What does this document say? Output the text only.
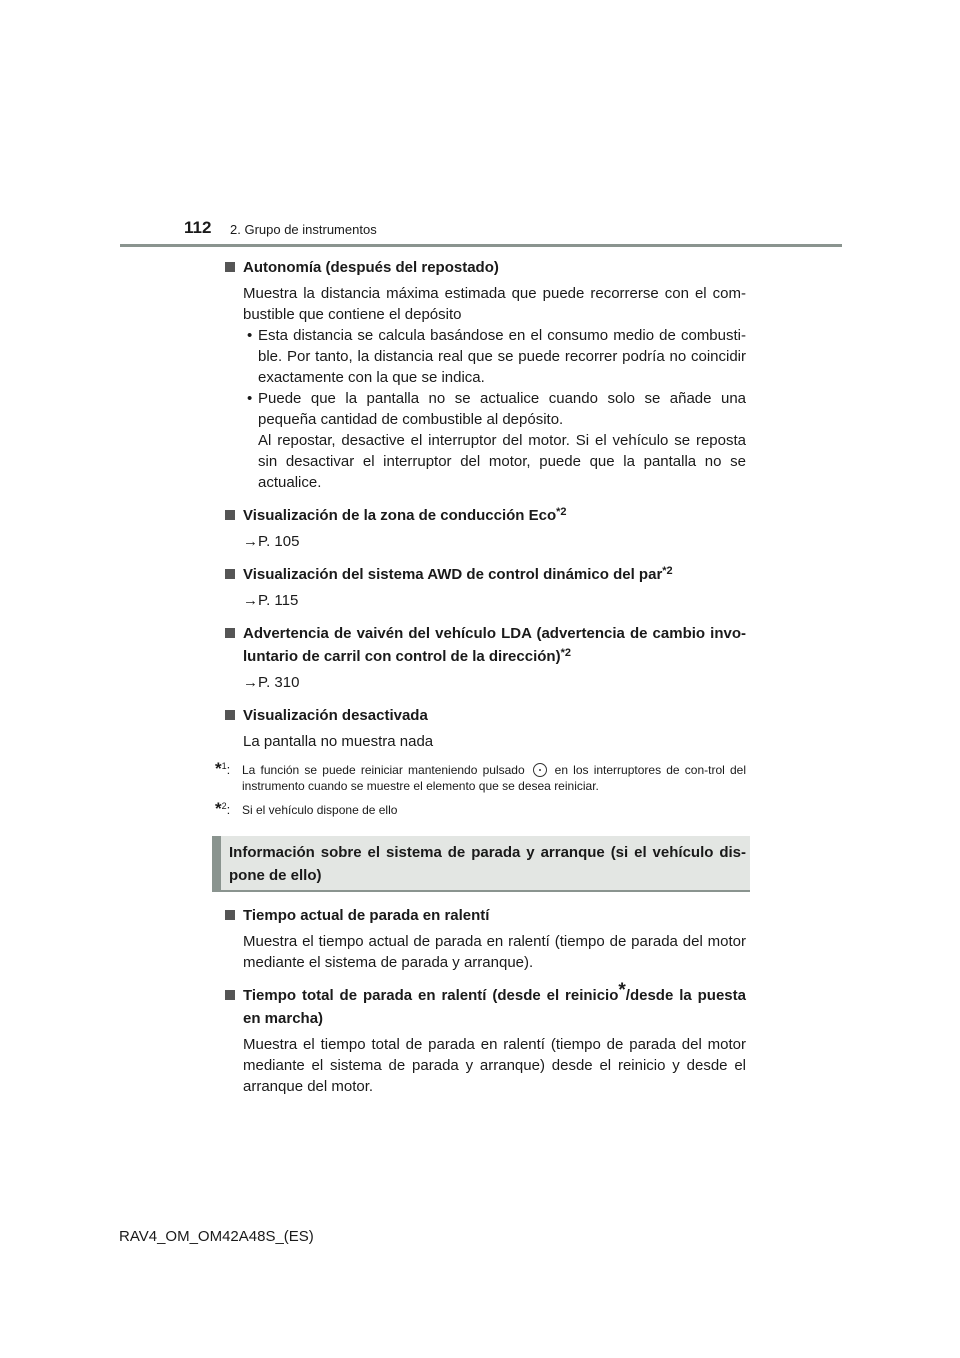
112 2. Grupo de instrumentos
Autonomía (después del repostado)
Muestra la distancia máxima estimada que puede recorrerse con el com-bustible que contiene el depósito
• Esta distancia se calcula basándose en el consumo medio de combusti-ble. Por tanto, la distancia real que se puede recorrer podría no coincidir exactamente con la que se indica.
• Puede que la pantalla no se actualice cuando solo se añade una pequeña cantidad de combustible al depósito.
Al repostar, desactive el interruptor del motor. Si el vehículo se reposta sin desactivar el interruptor del motor, puede que la pantalla no se actualice.
Visualización de la zona de conducción Eco$^{*2}$
→P. 105
Visualización del sistema AWD de control dinámico del par$^{*2}$
→P. 115
Advertencia de vaivén del vehículo LDA (advertencia de cambio invo-luntario de carril con control de la dirección)$^{*2}$
→P. 310
Visualización desactivada
La pantalla no muestra nada
*$^1$: La función se puede reiniciar manteniendo pulsado	en los interruptores de con-trol del instrumento cuando se muestre el elemento que se desea reiniciar.
*$^2$: Si el vehículo dispone de ello
Información sobre el sistema de parada y arranque (si el vehículo dis-pone de ello)
Tiempo actual de parada en ralentí
Muestra el tiempo actual de parada en ralentí (tiempo de parada del motor mediante el sistema de parada y arranque).
Tiempo total de parada en ralentí (desde el reinicio*/desde la puesta en marcha)
Muestra el tiempo total de parada en ralentí (tiempo de parada del motor mediante el sistema de parada y arranque) desde el reinicio y desde el arranque del motor.
RAV4_OM_OM42A48S_(ES)
